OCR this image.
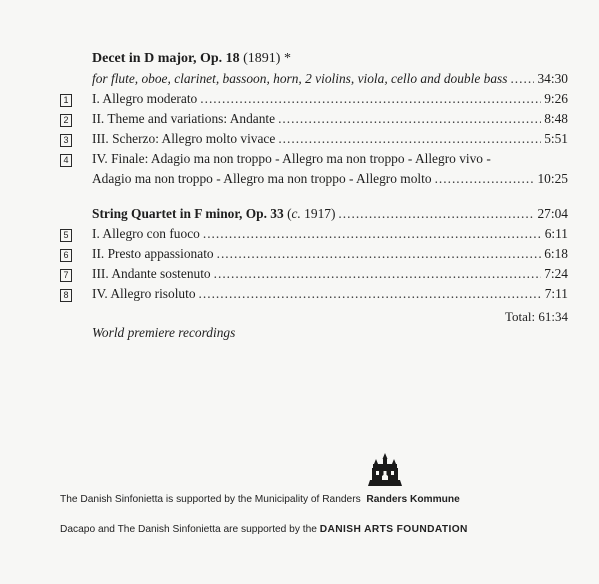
Decet in D major, Op. 18 (1891) *
for flute, oboe, clarinet, bassoon, horn, 2 violins, viola, cello and double bass ..... 34:30
1 I. Allegro moderato .....	9:26
2 II. Theme and variations: Andante .....	8:48
3 III. Scherzo: Allegro molto vivace .....	5:51
4 IV. Finale: Adagio ma non troppo - Allegro ma non troppo - Allegro vivo -
Adagio ma non troppo - Allegro ma non troppo - Allegro molto .....	10:25
String Quartet in F minor, Op. 33 (c. 1917) .....	27:04
5 I. Allegro con fuoco .....	6:11
6 II. Presto appassionato .....	6:18
7 III. Andante sostenuto .....	7:24
8 IV. Allegro risoluto .....	7:11
Total: 61:34
World premiere recordings
The Danish Sinfonietta is supported by the Municipality of Randers Randers Kommune
Dacapo and The Danish Sinfonietta are supported by the DANISH ARTS FOUNDATION
